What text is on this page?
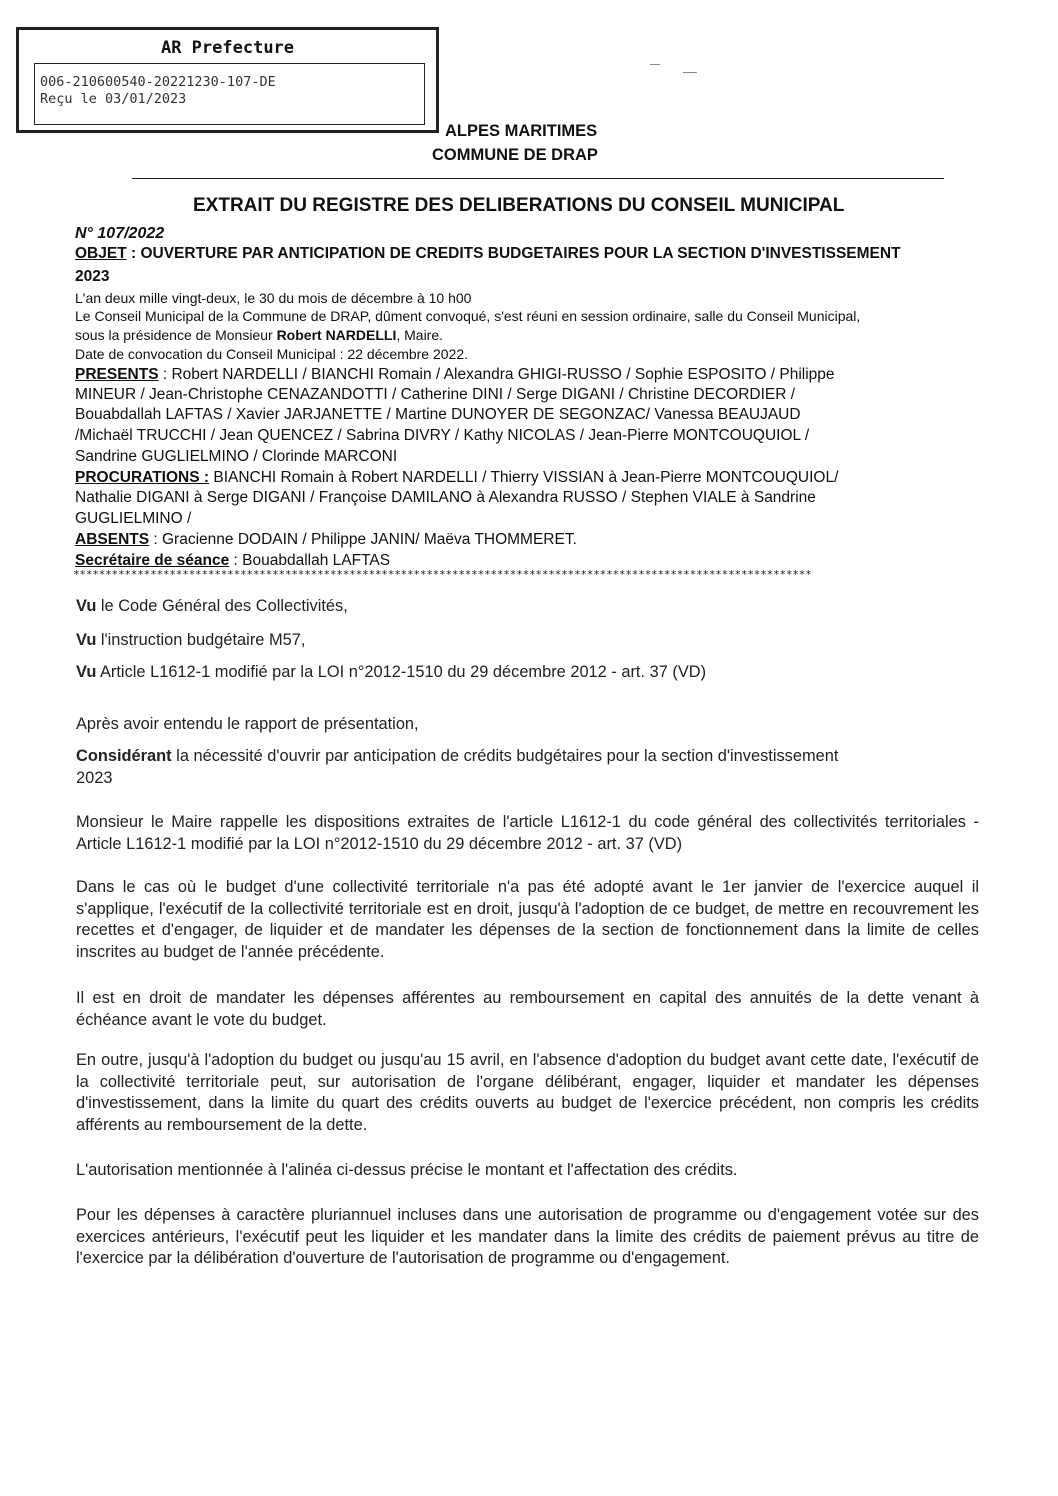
AR Prefecture
006-210600540-20221230-107-DE
Reçu le 03/01/2023
ALPES MARITIMES
COMMUNE DE DRAP
EXTRAIT DU REGISTRE DES DELIBERATIONS DU CONSEIL MUNICIPAL
N° 107/2022
OBJET : OUVERTURE PAR ANTICIPATION DE CREDITS BUDGETAIRES POUR LA SECTION D'INVESTISSEMENT
2023
L'an deux mille vingt-deux, le 30 du mois de décembre à 10 h00
Le Conseil Municipal de la Commune de DRAP, dûment convoqué, s'est réuni en session ordinaire, salle du Conseil Municipal,
sous la présidence de Monsieur Robert NARDELLI, Maire.
Date de convocation du Conseil Municipal : 22 décembre 2022.
PRESENTS : Robert NARDELLI / BIANCHI Romain / Alexandra GHIGI-RUSSO / Sophie ESPOSITO / Philippe
MINEUR / Jean-Christophe CENAZANDOTTI / Catherine DINI / Serge DIGANI / Christine DECORDIER /
Bouabdallah LAFTAS / Xavier JARJANETTE / Martine DUNOYER DE SEGONZAC/ Vanessa BEAUJAUD
/Michaël TRUCCHI / Jean QUENCEZ / Sabrina DIVRY / Kathy NICOLAS / Jean-Pierre MONTCOUQUIOL /
Sandrine GUGLIELMINO / Clorinde MARCONI
PROCURATIONS : BIANCHI Romain à Robert NARDELLI / Thierry VISSIAN à Jean-Pierre MONTCOUQUIOL/
Nathalie DIGANI à Serge DIGANI / Françoise DAMILANO à Alexandra RUSSO / Stephen VIALE à Sandrine
GUGLIELMINO /
ABSENTS : Gracienne DODAIN / Philippe JANIN/ Maëva THOMMERET.
Secrétaire de séance : Bouabdallah LAFTAS
*******************************************************************************************************************
Vu le Code Général des Collectivités,
Vu l'instruction budgétaire M57,
Vu Article L1612-1 modifié par la LOI n°2012-1510 du 29 décembre 2012 - art. 37 (VD)
Après avoir entendu le rapport de présentation,
Considérant la nécessité d'ouvrir par anticipation de crédits budgétaires pour la section d'investissement 2023
Monsieur le Maire rappelle les dispositions extraites de l'article L1612-1 du code général des collectivités territoriales - Article L1612-1 modifié par la LOI n°2012-1510 du 29 décembre 2012 - art. 37 (VD)
Dans le cas où le budget d'une collectivité territoriale n'a pas été adopté avant le 1er janvier de l'exercice auquel il s'applique, l'exécutif de la collectivité territoriale est en droit, jusqu'à l'adoption de ce budget, de mettre en recouvrement les recettes et d'engager, de liquider et de mandater les dépenses de la section de fonctionnement dans la limite de celles inscrites au budget de l'année précédente.
Il est en droit de mandater les dépenses afférentes au remboursement en capital des annuités de la dette venant à échéance avant le vote du budget.
En outre, jusqu'à l'adoption du budget ou jusqu'au 15 avril, en l'absence d'adoption du budget avant cette date, l'exécutif de la collectivité territoriale peut, sur autorisation de l'organe délibérant, engager, liquider et mandater les dépenses d'investissement, dans la limite du quart des crédits ouverts au budget de l'exercice précédent, non compris les crédits afférents au remboursement de la dette.
L'autorisation mentionnée à l'alinéa ci-dessus précise le montant et l'affectation des crédits.
Pour les dépenses à caractère pluriannuel incluses dans une autorisation de programme ou d'engagement votée sur des exercices antérieurs, l'exécutif peut les liquider et les mandater dans la limite des crédits de paiement prévus au titre de l'exercice par la délibération d'ouverture de l'autorisation de programme ou d'engagement.
